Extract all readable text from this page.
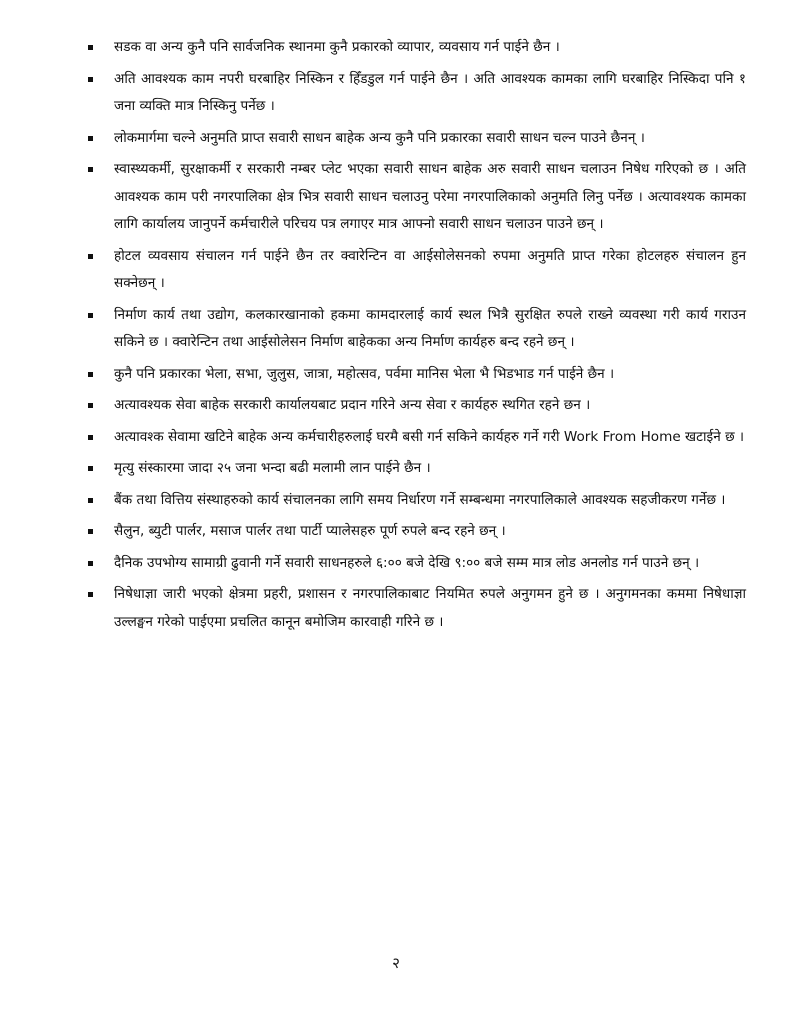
सडक वा अन्य कुनै पनि सार्वजनिक स्थानमा कुनै प्रकारको व्यापार, व्यवसाय गर्न पाईने छैन ।
अति आवश्यक काम नपरी घरबाहिर निस्किन र हिँडडुल गर्न पाईने छैन । अति आवश्यक कामका लागि घरबाहिर निस्किदा पनि १ जना व्यक्ति मात्र निस्किनु पर्नेछ ।
लोकमार्गमा चल्ने अनुमति प्राप्त सवारी साधन बाहेक अन्य कुनै पनि प्रकारका सवारी साधन चल्न पाउने छैनन् ।
स्वास्थ्यकर्मी, सुरक्षाकर्मी र सरकारी नम्बर प्लेट भएका सवारी साधन बाहेक अरु सवारी साधन चलाउन निषेध गरिएको छ । अति आवश्यक काम परी नगरपालिका क्षेत्र भित्र सवारी साधन चलाउनु परेमा नगरपालिकाको अनुमति लिनु पर्नेछ । अत्यावश्यक कामका लागि कार्यालय जानुपर्ने कर्मचारीले परिचय पत्र लगाएर मात्र आफ्नो सवारी साधन चलाउन पाउने छन् ।
होटल व्यवसाय संचालन गर्न पाईने छैन तर क्वारेन्टिन वा आईसोलेसनको रुपमा अनुमति प्राप्त गरेका होटलहरु संचालन हुन सक्नेछन् ।
निर्माण कार्य तथा उद्योग, कलकारखानाको हकमा कामदारलाई कार्य स्थल भित्रै सुरक्षित रुपले राख्ने व्यवस्था गरी कार्य गराउन सकिने छ । क्वारेन्टिन तथा आईसोलेसन निर्माण बाहेकका अन्य निर्माण कार्यहरु बन्द रहने छन् ।
कुनै पनि प्रकारका भेला, सभा, जुलुस, जात्रा, महोत्सव, पर्वमा मानिस भेला भै भिडभाड गर्न पाईने छैन ।
अत्यावश्यक सेवा बाहेक सरकारी कार्यालयबाट प्रदान गरिने अन्य सेवा र कार्यहरु स्थगित रहने छन ।
अत्यावश्क सेवामा खटिने बाहेक अन्य कर्मचारीहरुलाई घरमै बसी गर्न सकिने कार्यहरु गर्ने गरी Work From Home खटाईने छ ।
मृत्यु संस्कारमा जादा २५ जना भन्दा बढी मलामी लान पाईने छैन ।
बैंक तथा वित्तिय संस्थाहरुको कार्य संचालनका लागि समय निर्धारण गर्ने सम्बन्धमा नगरपालिकाले आवश्यक सहजीकरण गर्नेछ ।
सैलुन, ब्युटी पार्लर, मसाज पार्लर तथा पार्टी प्यालेसहरु पूर्ण रुपले बन्द रहने छन् ।
दैनिक उपभोग्य सामाग्री ढुवानी गर्ने सवारी साधनहरुले ६:०० बजे देखि ९:०० बजे सम्म मात्र लोड अनलोड गर्न पाउने छन् ।
निषेधाज्ञा जारी भएको क्षेत्रमा प्रहरी, प्रशासन र नगरपालिकाबाट नियमित रुपले अनुगमन हुने छ । अनुगमनका कममा निषेधाज्ञा उल्लङ्घन गरेको पाईएमा प्रचलित कानून बमोजिम कारवाही गरिने छ ।
२
